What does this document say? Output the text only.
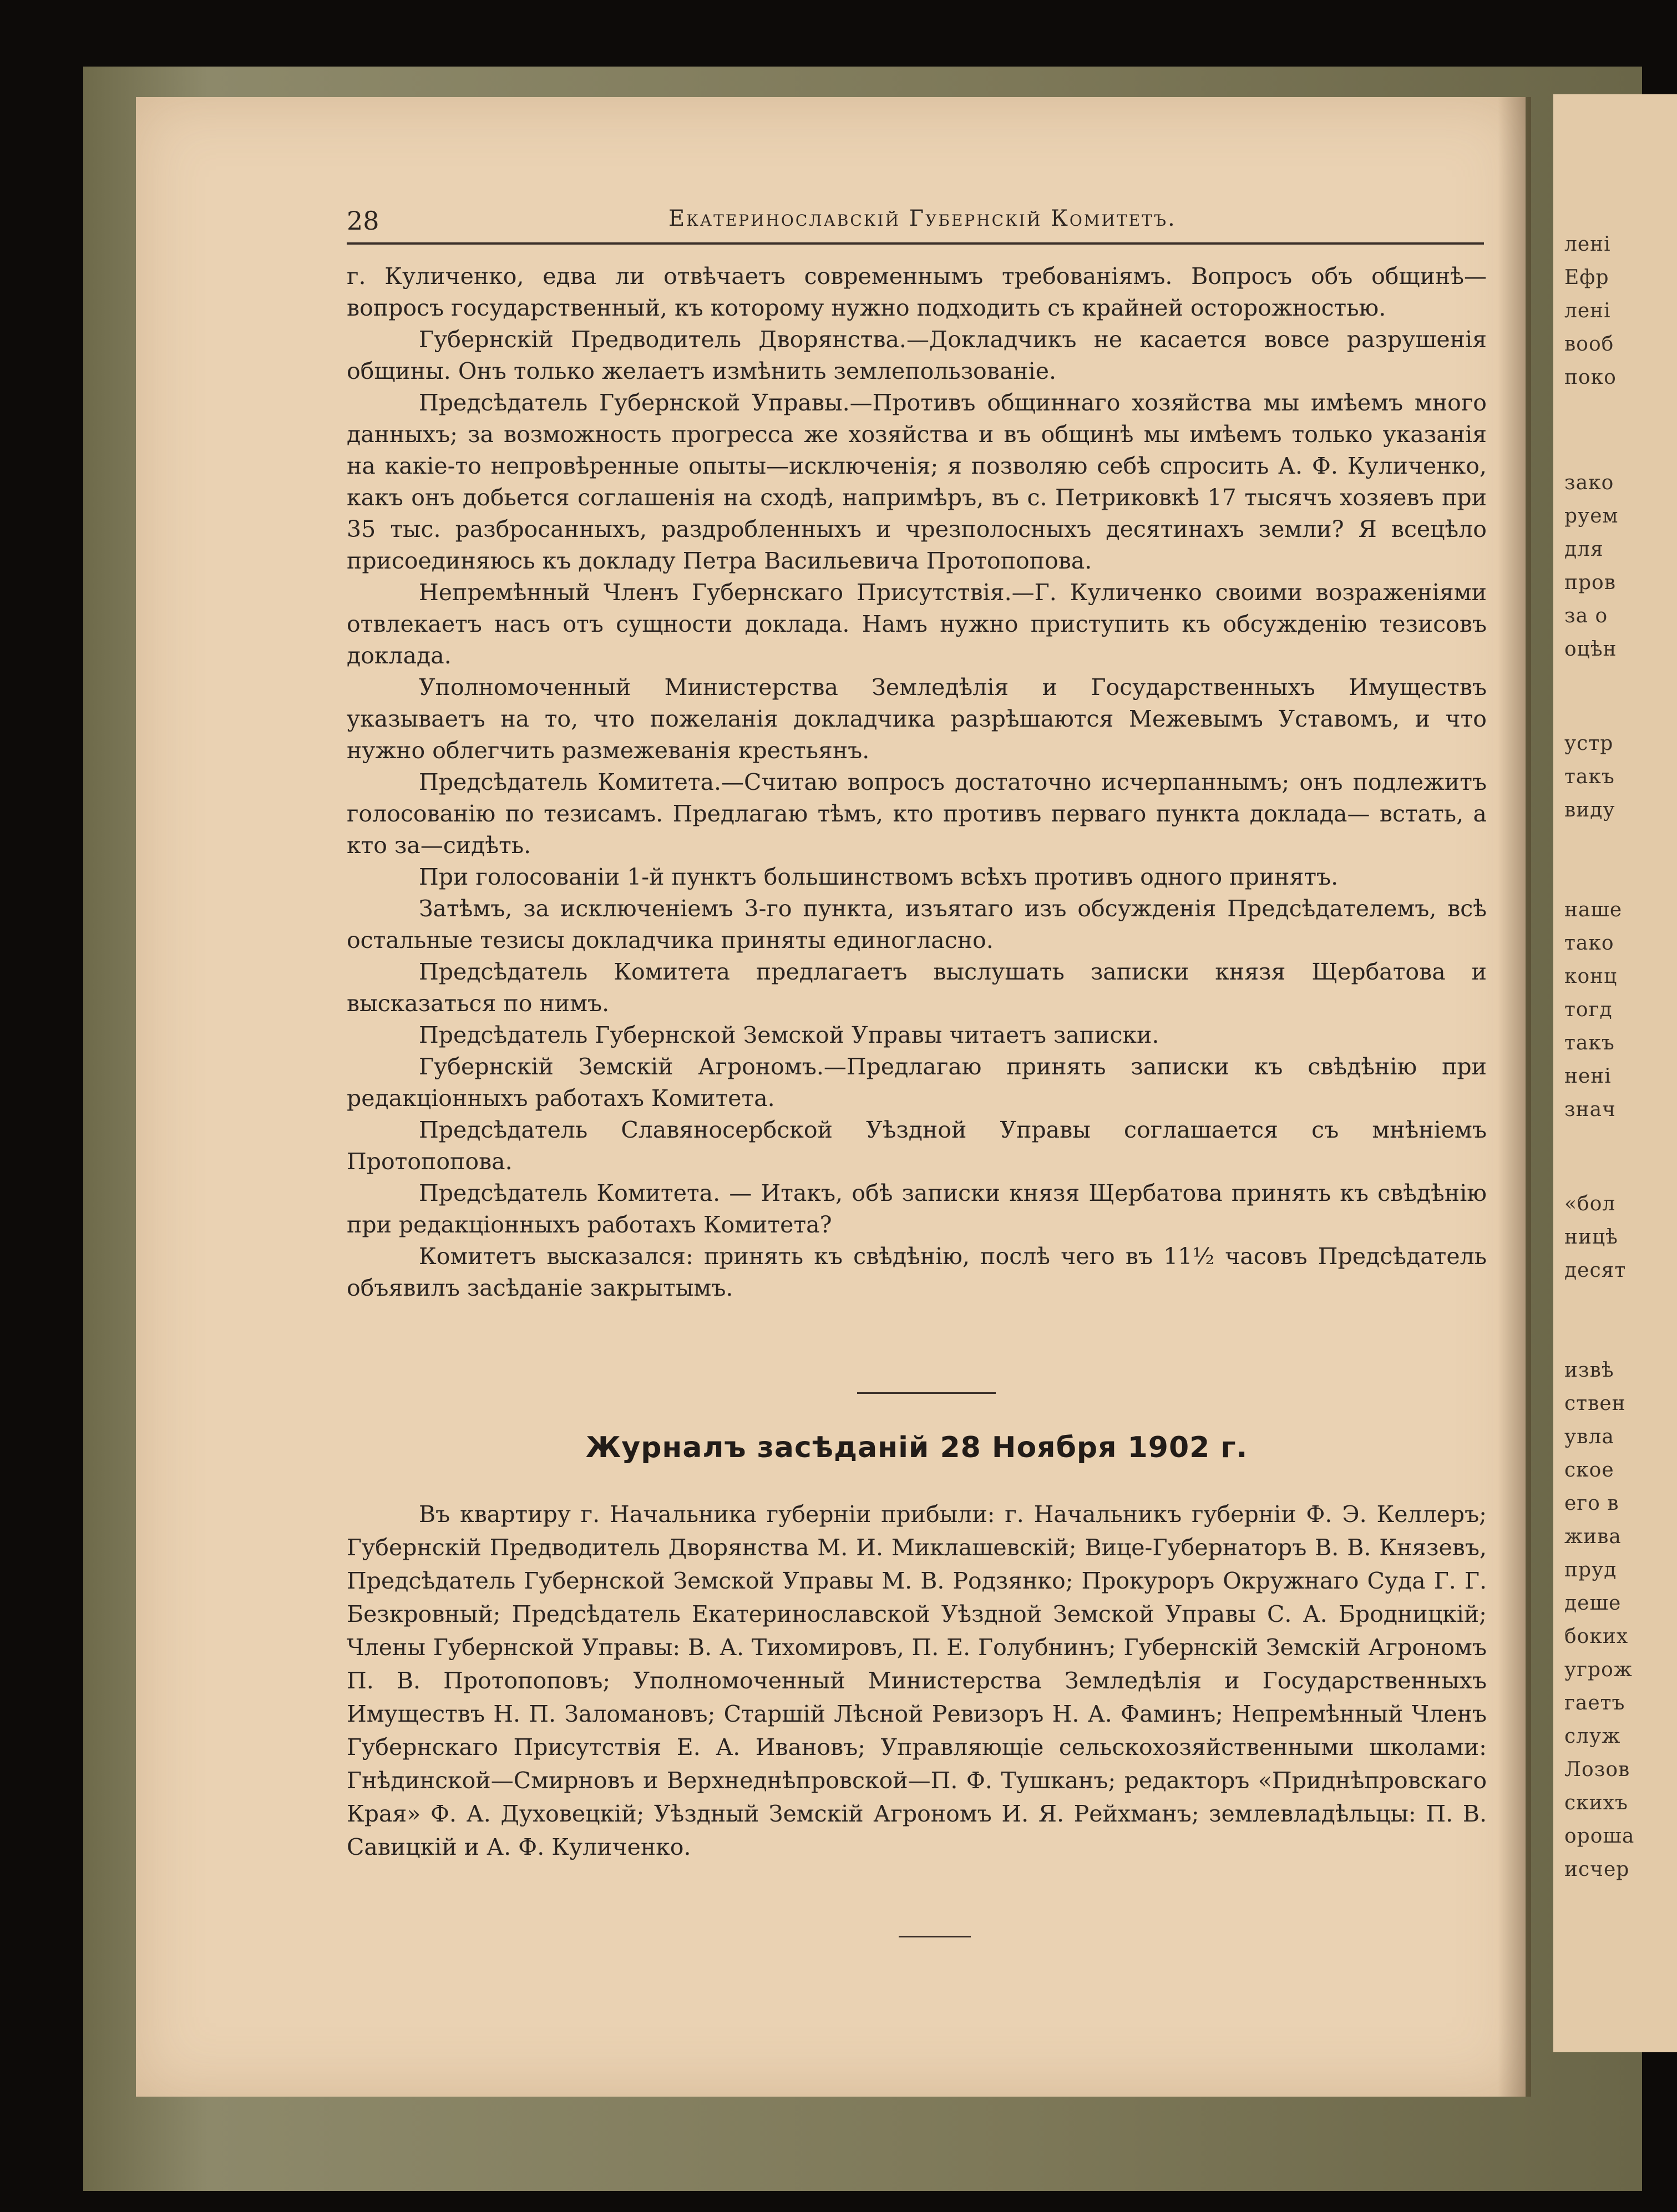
лені
Ефр
лені
вооб
поко
зако
руем
для
пров
за о
оцѣн
устр
такъ
виду
наше
тако
конц
тогд
такъ
ненi
знач
«бол
ницѣ
десят
извѣ
ствен
увла
ское
его в
жива
пруд
деше
боких
угрож
гаетъ
служ
Лозов
скихъ
ороша
исчер
28	Екатеринославскій Губернскій Комитетъ.

г. Куличенко, едва ли отвѣчаетъ современнымъ требованіямъ. Вопросъ объ общинѣ— вопросъ государственный, къ которому нужно подходить съ крайней осторожностью.

Губернскій Предводитель Дворянства.—Докладчикъ не касается вовсе разрушенія общины. Онъ только желаетъ измѣнить землепользованіе.

Предсѣдатель Губернской Управы.—Противъ общиннаго хозяйства мы имѣемъ много данныхъ; за возможность прогресса же хозяйства и въ общинѣ мы имѣемъ только указанія на какіе-то непровѣренные опыты—исключенія; я позволяю себѣ спросить А. Ф. Куличенко, какъ онъ добьется соглашенія на сходѣ, напримѣръ, въ с. Петриковкѣ 17 тысячъ хозяевъ при 35 тыс. разбросанныхъ, раздробленныхъ и чрезполосныхъ десятинахъ земли? Я всецѣло присоединяюсь къ докладу Петра Васильевича Протопопова.

Непремѣнный Членъ Губернскаго Присутствія.—Г. Куличенко своими возраженіями отвлекаетъ насъ отъ сущности доклада. Намъ нужно приступить къ обсужденію тезисовъ доклада.

Уполномоченный Министерства Земледѣлія и Государственныхъ Имуществъ указываетъ на то, что пожеланія докладчика разрѣшаются Межевымъ Уставомъ, и что нужно облегчить размежеванія крестьянъ.

Предсѣдатель Комитета.—Считаю вопросъ достаточно исчерпаннымъ; онъ подлежитъ голосованію по тезисамъ. Предлагаю тѣмъ, кто противъ перваго пункта доклада— встать, а кто за—сидѣть.

При голосованіи 1-й пунктъ большинствомъ всѣхъ противъ одного принятъ.

Затѣмъ, за исключеніемъ 3-го пункта, изъятаго изъ обсужденія Предсѣдателемъ, всѣ остальные тезисы докладчика приняты единогласно.

Предсѣдатель Комитета предлагаетъ выслушать записки князя Щербатова и высказаться по нимъ.

Предсѣдатель Губернской Земской Управы читаетъ записки.

Губернскій Земскій Агрономъ.—Предлагаю принять записки къ свѣдѣнію при редакціонныхъ работахъ Комитета.

Предсѣдатель Славяносербской Уѣздной Управы соглашается съ мнѣніемъ Протопопова.

Предсѣдатель Комитета. — Итакъ, обѣ записки князя Щербатова принять къ свѣдѣнію при редакціонныхъ работахъ Комитета?

Комитетъ высказался: принять къ свѣдѣнію, послѣ чего въ 11½ часовъ Предсѣдатель объявилъ засѣданіе закрытымъ.

Журналъ засѣданій 28 Ноября 1902 г.

Въ квартиру г. Начальника губерніи прибыли: г. Начальникъ губерніи Ф. Э. Келлеръ; Губернскій Предводитель Дворянства М. И. Миклашевскій; Вице-Губернаторъ В. В. Князевъ, Предсѣдатель Губернской Земской Управы М. В. Родзянко; Прокуроръ Окружнаго Суда Г. Г. Безкровный; Предсѣдатель Екатеринославской Уѣздной Земской Управы С. А. Бродницкій; Члены Губернской Управы: В. А. Тихомировъ, П. Е. Голубнинъ; Губернскій Земскій Агрономъ П. В. Протопоповъ; Уполномоченный Министерства Земледѣлія и Государственныхъ Имуществъ Н. П. Заломановъ; Старшій Лѣсной Ревизоръ Н. А. Фаминъ; Непремѣнный Членъ Губернскаго Присутствія Е. А. Ивановъ; Управляющіе сельскохозяйственными школами: Гнѣдинской—Смирновъ и Верхнеднѣпровской—П. Ф. Тушканъ; редакторъ «Приднѣпровскаго Края» Ф. А. Духовецкій; Уѣздный Земскій Агрономъ И. Я. Рейхманъ; землевладѣльцы: П. В. Савицкій и А. Ф. Куличенко.
